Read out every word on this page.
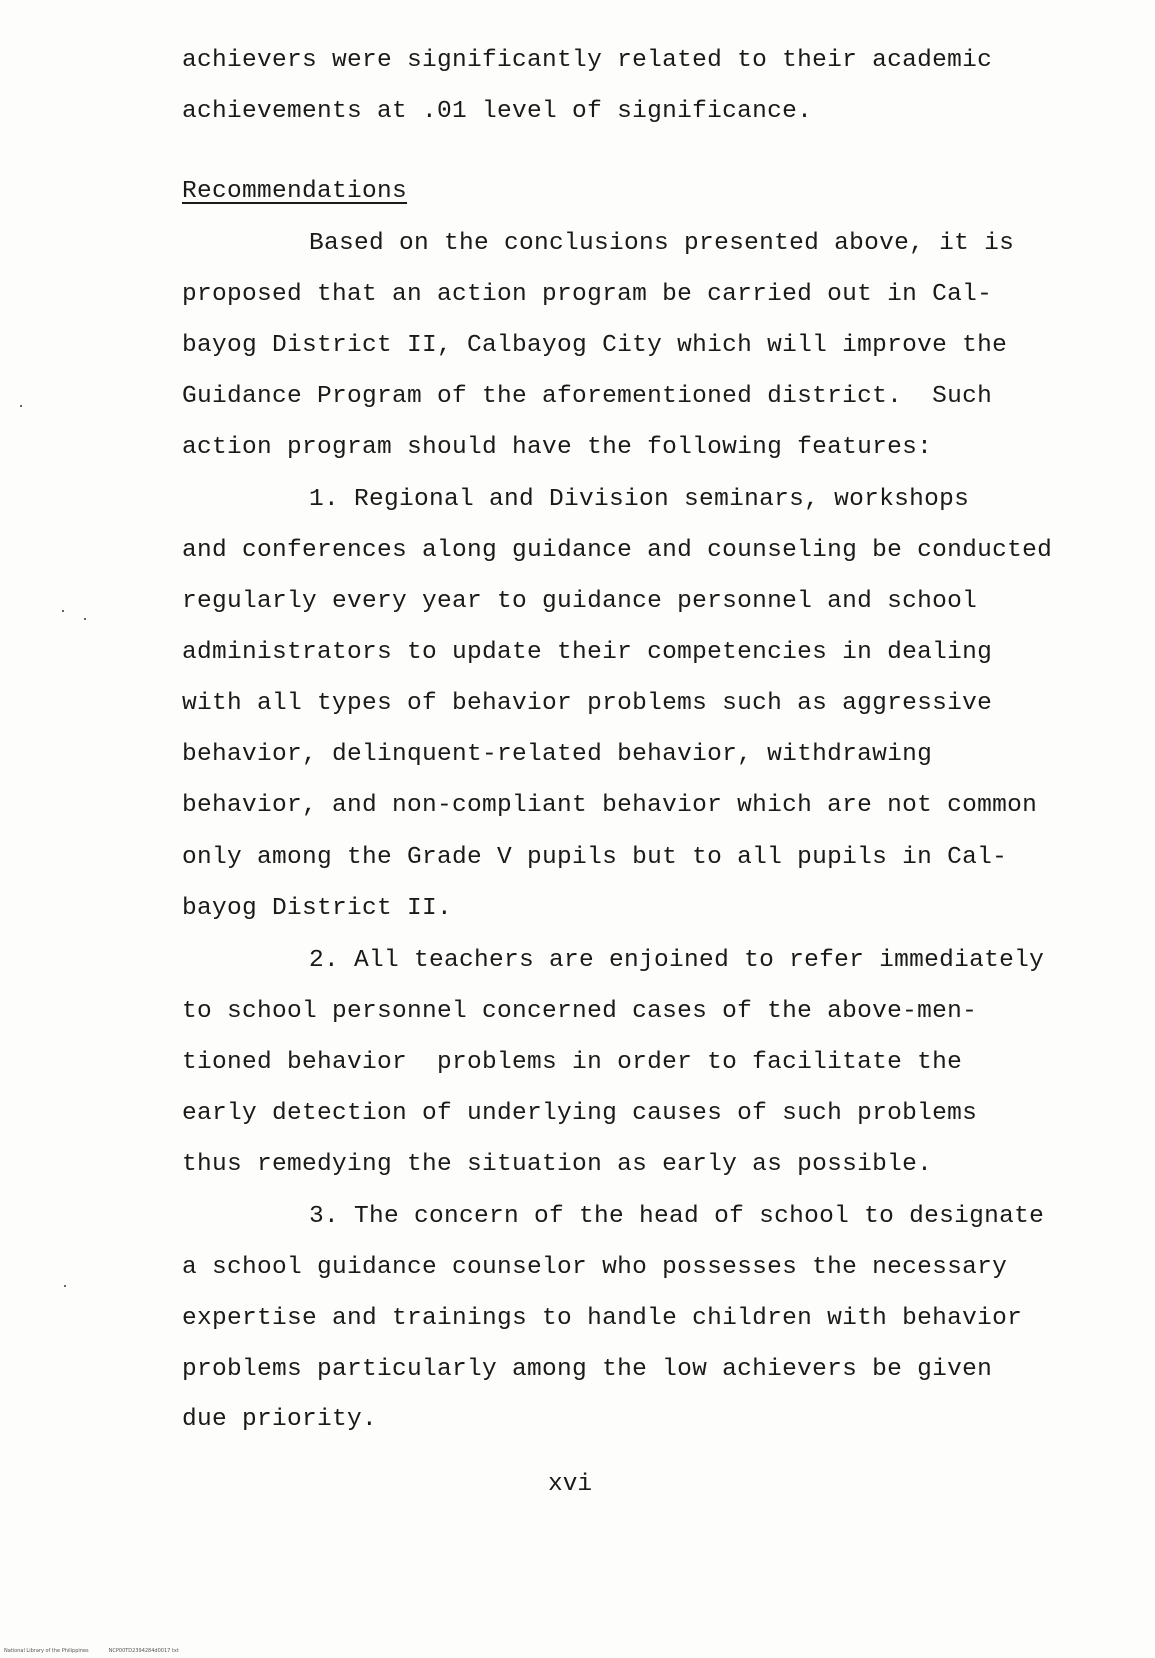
achievers were significantly related to their academic
achievements at .01 level of significance.
Recommendations
Based on the conclusions presented above, it is
proposed that an action program be carried out in Cal-
bayog District II, Calbayog City which will improve the
Guidance Program of the aforementioned district.  Such
action program should have the following features:
1. Regional and Division seminars, workshops
and conferences along guidance and counseling be conducted
regularly every year to guidance personnel and school
administrators to update their competencies in dealing
with all types of behavior problems such as aggressive
behavior, delinquent-related behavior, withdrawing
behavior, and non-compliant behavior which are not common
only among the Grade V pupils but to all pupils in Cal-
bayog District II.
2. All teachers are enjoined to refer immediately
to school personnel concerned cases of the above-men-
tioned behavior  problems in order to facilitate the
early detection of underlying causes of such problems
thus remedying the situation as early as possible.
3. The concern of the head of school to designate
a school guidance counselor who possesses the necessary
expertise and trainings to handle children with behavior
problems particularly among the low achievers be given
due priority.
xvi
National Library of the Philippines	NCP00TD2394284d0017 txt
